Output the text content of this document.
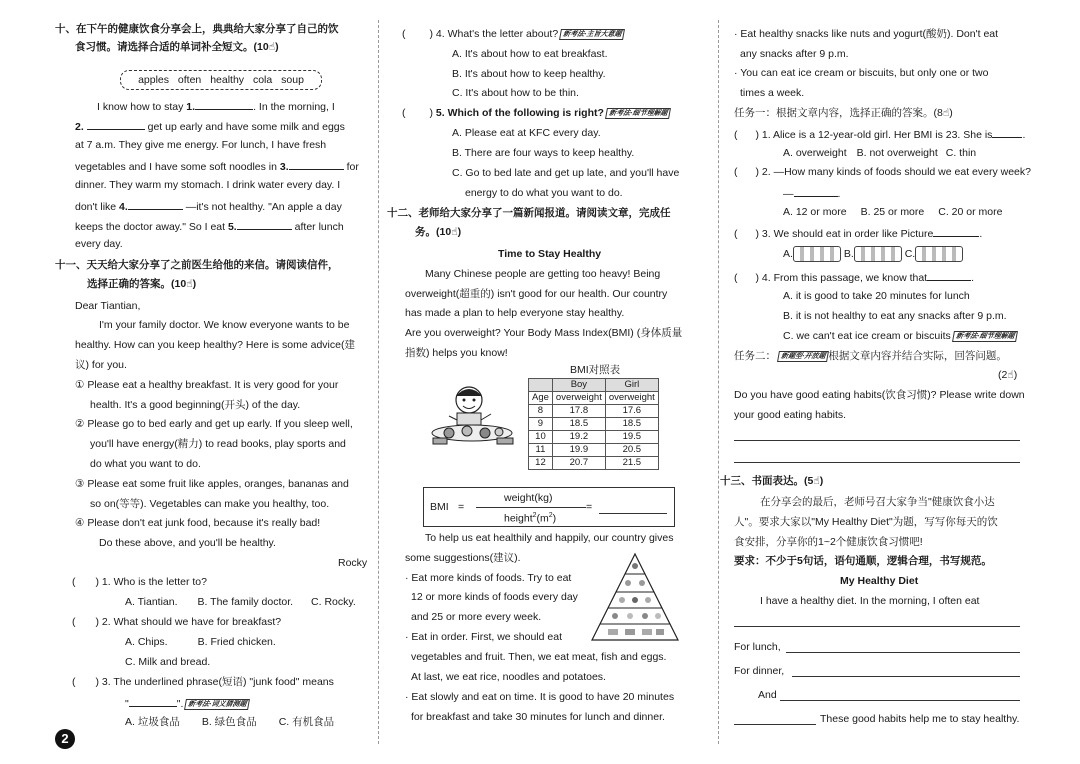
十、在下午的健康饮食分享会上，典典给大家分享了自己的饮
食习惯。请选择合适的单词补全短文。(10☝)
apples often healthy cola soup
I know how to stay 1.	. In the morning, I
2.	get up early and have some milk and eggs
at 7 a.m. They give me energy. For lunch, I have fresh
vegetables and I have some soft noodles in 3.	for
dinner. They warm my stomach. I drink water every day. I
don't like 4.	—it's not healthy. "An apple a day
keeps the doctor away." So I eat 5.	after lunch
every day.
十一、天天给大家分享了之前医生给他的来信。请阅读信件，
选择正确的答案。(10☝)
Dear Tiantian,
I'm your family doctor. We know everyone wants to be
healthy. How can you keep healthy? Here is some advice(建
议) for you.
① Please eat a healthy breakfast. It is very good for your
health. It's a good beginning(开头) of the day.
② Please go to bed early and get up early. If you sleep well,
you'll have energy(精力) to read books, play sports and
do what you want to do.
③ Please eat some fruit like apples, oranges, bananas and
so on(等等). Vegetables can make you healthy, too.
④ Please don't eat junk food, because it's really bad!
Do these above, and you'll be healthy.
Rocky
( ) 1. Who is the letter to?
A. Tiantian. B. The family doctor. C. Rocky.
( ) 2. What should we have for breakfast?
A. Chips.	B. Fried chicken.
C. Milk and bread.
( ) 3. The underlined phrase(短语) "junk food" means
"	". 新考法·词义猜测题
A. 垃圾食品 B. 绿色食品 C. 有机食品
2
( ) 4. What's the letter about? 新考法·主旨大意题
A. It's about how to eat breakfast.
B. It's about how to keep healthy.
C. It's about how to be thin.
( ) 5. Which of the following is right? 新考法·细节理解题
A. Please eat at KFC every day.
B. There are four ways to keep healthy.
C. Go to bed late and get up late, and you'll have
energy to do what you want to do.
十二、老师给大家分享了一篇新闻报道。请阅读文章，完成任
务。(10☝)
Time to Stay Healthy
Many Chinese people are getting too heavy! Being
overweight(超重的) isn't good for our health. Our country
has made a plan to help everyone stay healthy.
Are you overweight? Your Body Mass Index(BMI) (身体质量
指数) helps you know!
BMI对照表
	Boy	Girl
Age	overweight	overweight
8	17.8	17.6
9	18.5	18.5
10	19.2	19.5
11	19.9	20.5
12	20.7	21.5
BMI =
weight(kg)
$height^2(m^2)$
=
To help us eat healthily and happily, our country gives
some suggestions(建议).
· Eat more kinds of foods. Try to eat
12 or more kinds of foods every day
and 25 or more every week.
· Eat in order. First, we should eat
vegetables and fruit. Then, we eat meat, fish and eggs.
At last, we eat rice, noodles and potatoes.
· Eat slowly and eat on time. It is good to have 20 minutes
for breakfast and take 30 minutes for lunch and dinner.
· Eat healthy snacks like nuts and yogurt(酸奶). Don't eat
any snacks after 9 p.m.
· You can eat ice cream or biscuits, but only one or two
times a week.
任务一：根据文章内容，选择正确的答案。(8☝)
( ) 1. Alice is a 12-year-old girl. Her BMI is 23. She is	.
A. overweight B. not overweight C. thin
( ) 2. —How many kinds of foods should we eat every week?
—	.
A. 12 or more B. 25 or more C. 20 or more
( ) 3. We should eat in order like Picture	.
A.	B.	C.
( ) 4. From this passage, we know that	.
A. it is good to take 20 minutes for lunch
B. it is not healthy to eat any snacks after 9 p.m.
C. we can't eat ice cream or biscuits 新考法·细节理解题
任务二： 新题型·开放题 根据文章内容并结合实际，回答问题。
(2☝)
Do you have good eating habits(饮食习惯)? Please write down
your good eating habits.
十三、书面表达。(5☝)
在分享会的最后，老师号召大家争当"健康饮食小达
人"。要求大家以"My Healthy Diet"为题，写写你每天的饮
食安排，分享你的1~2个健康饮食习惯吧!
要求：不少于5句话，语句通顺，逻辑合理，书写规范。
My Healthy Diet
I have a healthy diet. In the morning, I often eat
For lunch,
For dinner,
And
These good habits help me to stay healthy.
